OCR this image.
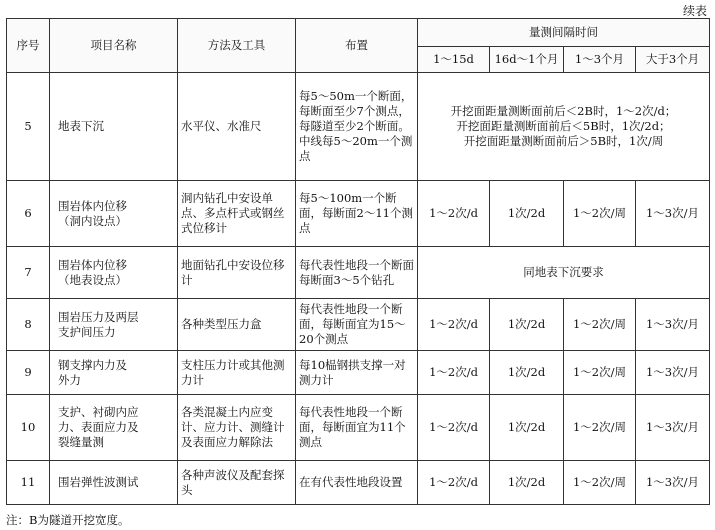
续表
序号	项目名称	方法及工具	布置	量测间隔时间			
				1～15d	16d～1个月	1～3个月	大于3个月
5	地表下沉	水平仪、水准尺	每5～50m一个断面，每断面至少7个测点，每隧道至少2个断面。中线每5～20m一个测点	开挖面距量测断面前后＜2B时，1～2次/d；
开挖面距量测断面前后＜5B时，1次/2d；
开挖面距量测断面前后＞5B时，1次/周			
6	围岩体内位移
（洞内设点）	洞内钻孔中安设单点、多点杆式或钢丝式位移计	每5～100m一个断面，每断面2～11个测点	1～2次/d	1次/2d	1～2次/周	1～3次/月
7	围岩体内位移
（地表设点）	地面钻孔中安设位移计	每代表性地段一个断面每断面3～5个钻孔	同地表下沉要求			
8	围岩压力及两层
支护间压力	各种类型压力盒	每代表性地段一个断面，每断面宜为15～20个测点	1～2次/d	1次/2d	1～2次/周	1～3次/月
9	钢支撑内力及
外力	支柱压力计或其他测力计	每10榀钢拱支撑一对测力计	1～2次/d	1次/2d	1～2次/周	1～3次/月
10	支护、衬砌内应
力、表面应力及
裂缝量测	各类混凝土内应变计、应力计、测缝计及表面应力解除法	每代表性地段一个断面，每断面宜为11个测点	1～2次/d	1次/2d	1～2次/周	1～3次/月
11	围岩弹性波测试	各种声波仪及配套探头	在有代表性地段设置	1～2次/d	1次/2d	1～2次/周	1～3次/月
注：B为隧道开挖宽度。
